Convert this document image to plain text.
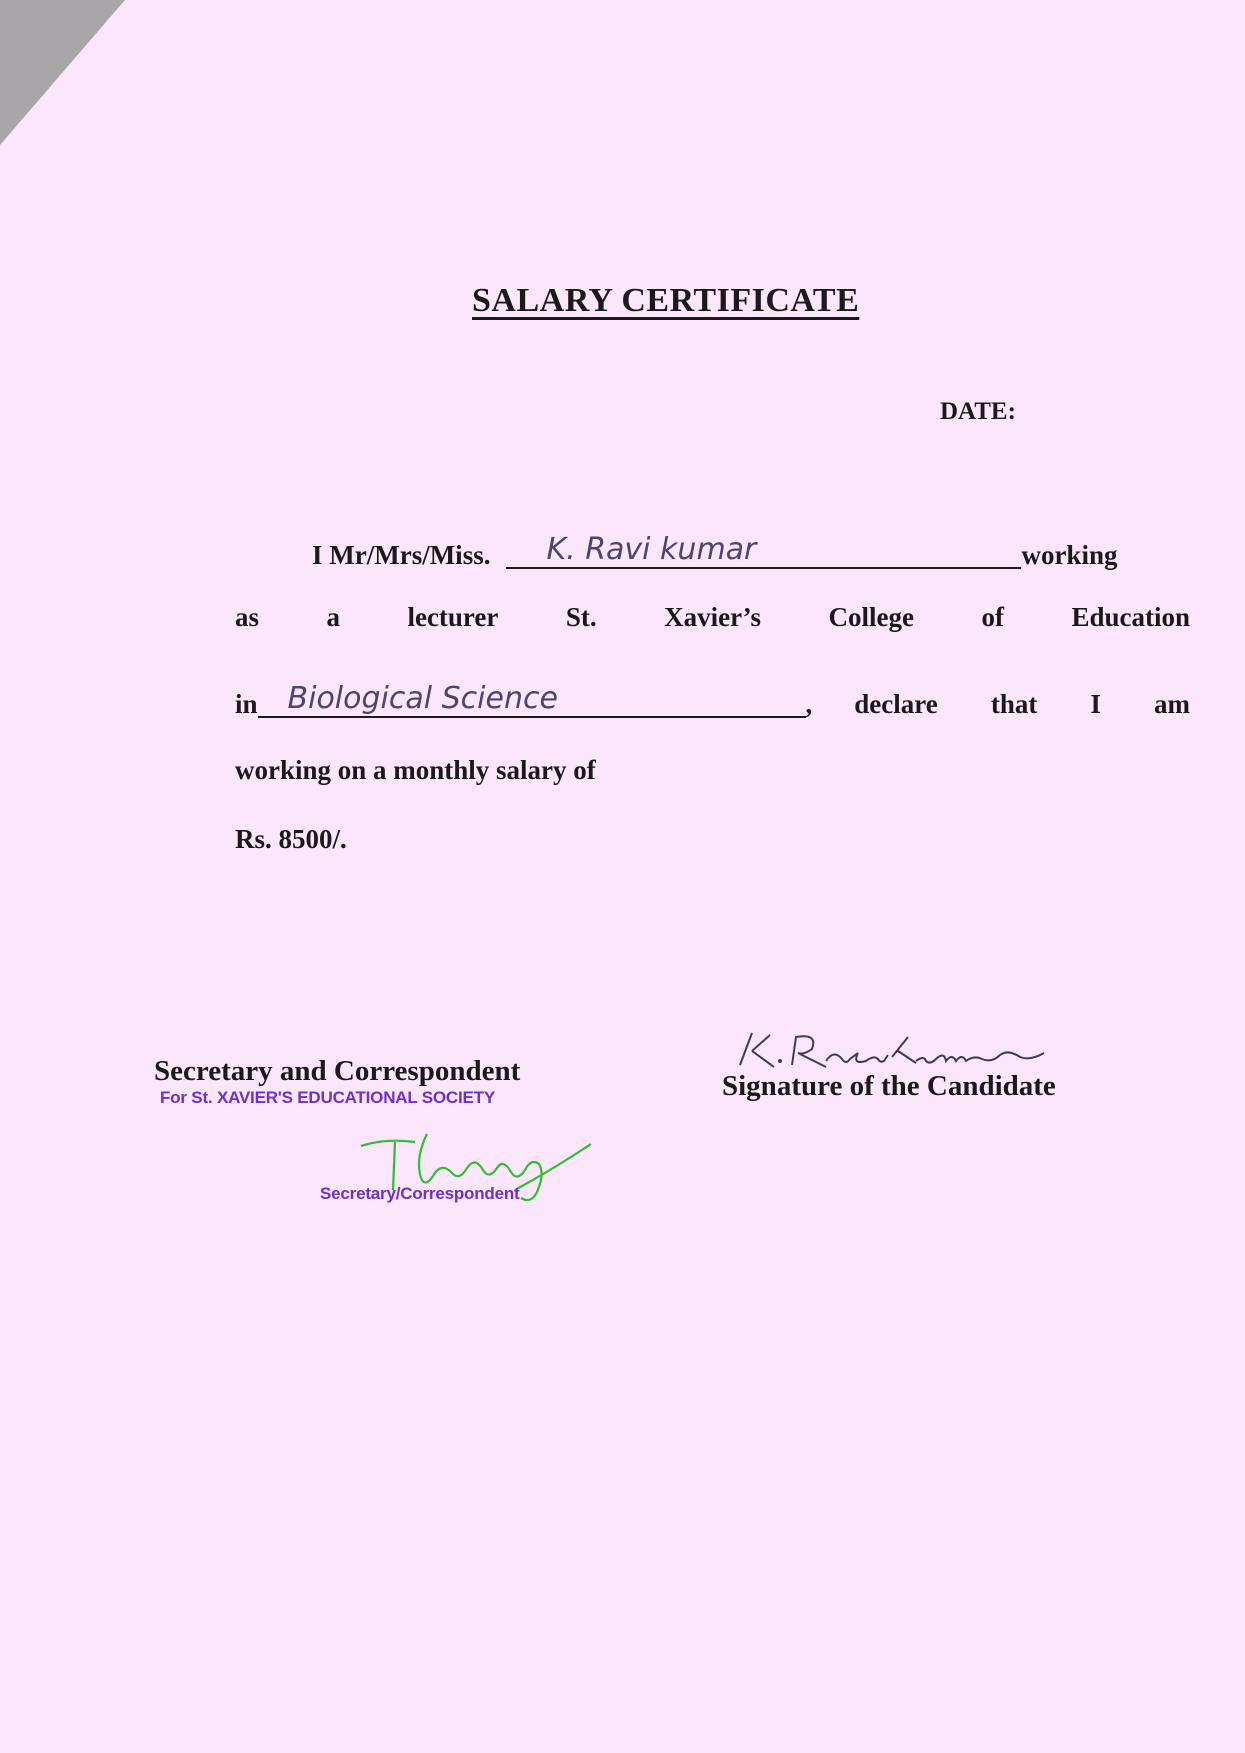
SALARY CERTIFICATE
DATE:
I Mr/Mrs/Miss. K. Ravi kumar	working
as a lecturer St. Xavier’s College of Education
in Biological Science	, declare that I am
working on a monthly salary of
Rs. 8500/.
Signature of the Candidate
Secretary and Correspondent
For St. XAVIER'S EDUCATIONAL SOCIETY
Secretary/Correspondent
